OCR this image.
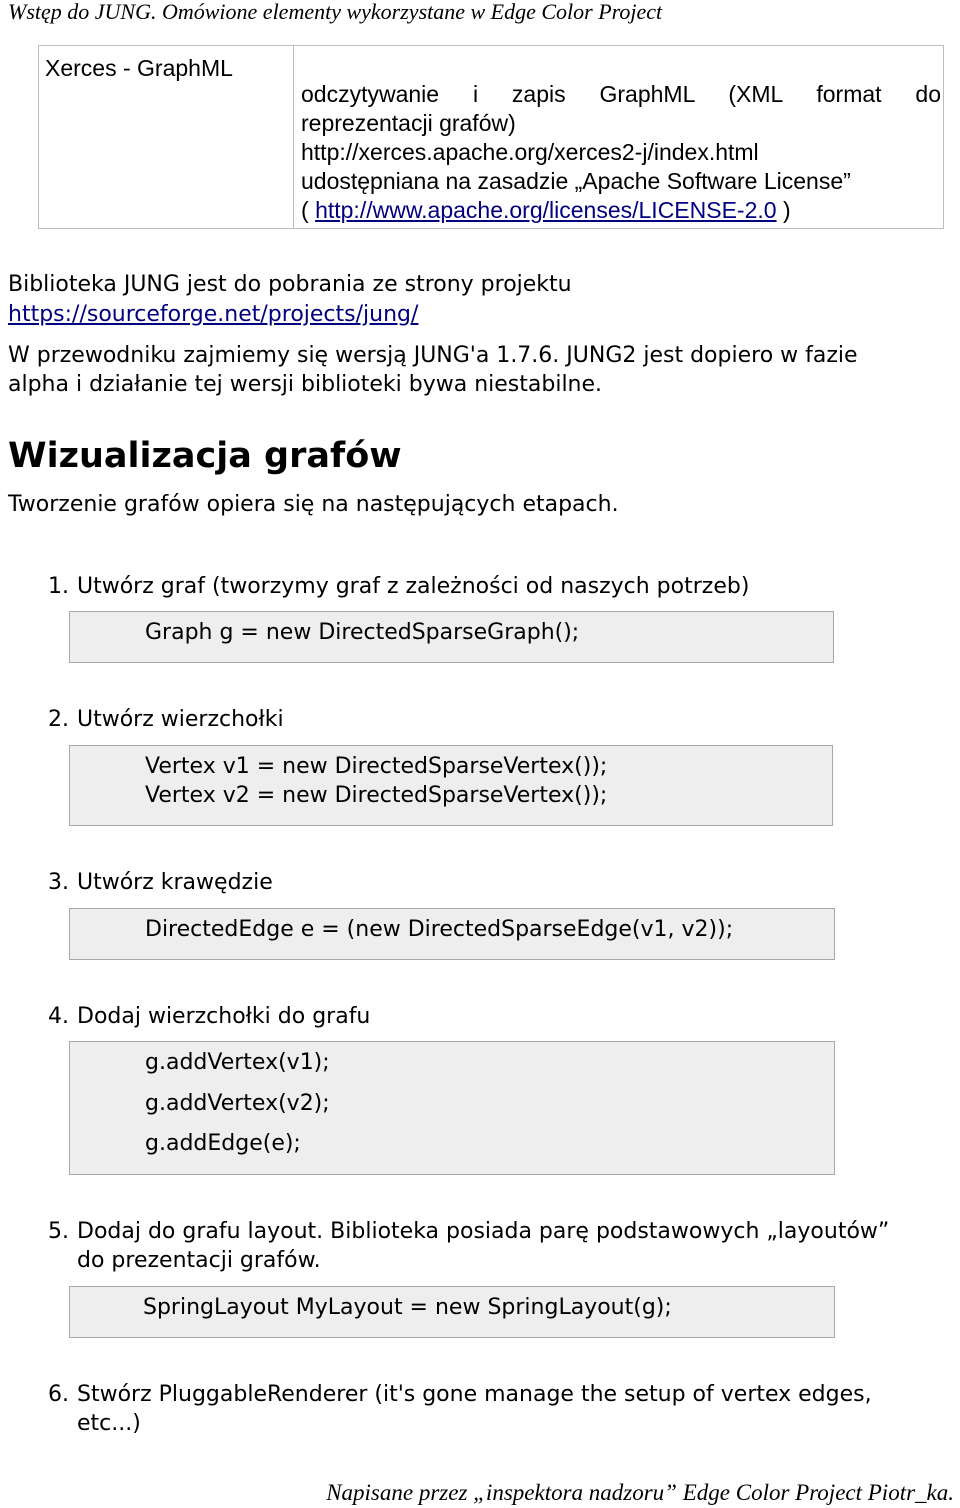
Wstęp do JUNG. Omówione elementy wykorzystane w Edge Color Project
Xerces - GraphML
odczytywanie i zapis GraphML (XML format do
reprezentacji grafów)
http://xerces.apache.org/xerces2-j/index.html
udostępniana na zasadzie „Apache Software License”
( http://www.apache.org/licenses/LICENSE-2.0 )
Biblioteka JUNG jest do pobrania ze strony projektu
https://sourceforge.net/projects/jung/
W przewodniku zajmiemy się wersją JUNG'a 1.7.6. JUNG2 jest dopiero w fazie
alpha i działanie tej wersji biblioteki bywa niestabilne.
Wizualizacja grafów
Tworzenie grafów opiera się na następujących etapach.
1. Utwórz graf (tworzymy graf z zależności od naszych potrzeb)
Graph g = new DirectedSparseGraph();
2. Utwórz wierzchołki
Vertex v1 = new DirectedSparseVertex());
Vertex v2 = new DirectedSparseVertex());
3. Utwórz krawędzie
DirectedEdge e = (new DirectedSparseEdge(v1, v2));
4. Dodaj wierzchołki do grafu
g.addVertex(v1);
g.addVertex(v2);
g.addEdge(e);
5. Dodaj do grafu layout. Biblioteka posiada parę podstawowych „layoutów”
do prezentacji grafów.
SpringLayout MyLayout = new SpringLayout(g);
6. Stwórz PluggableRenderer (it's gone manage the setup of vertex edges,
etc...)
Napisane przez „inspektora nadzoru” Edge Color Project Piotr_ka.
